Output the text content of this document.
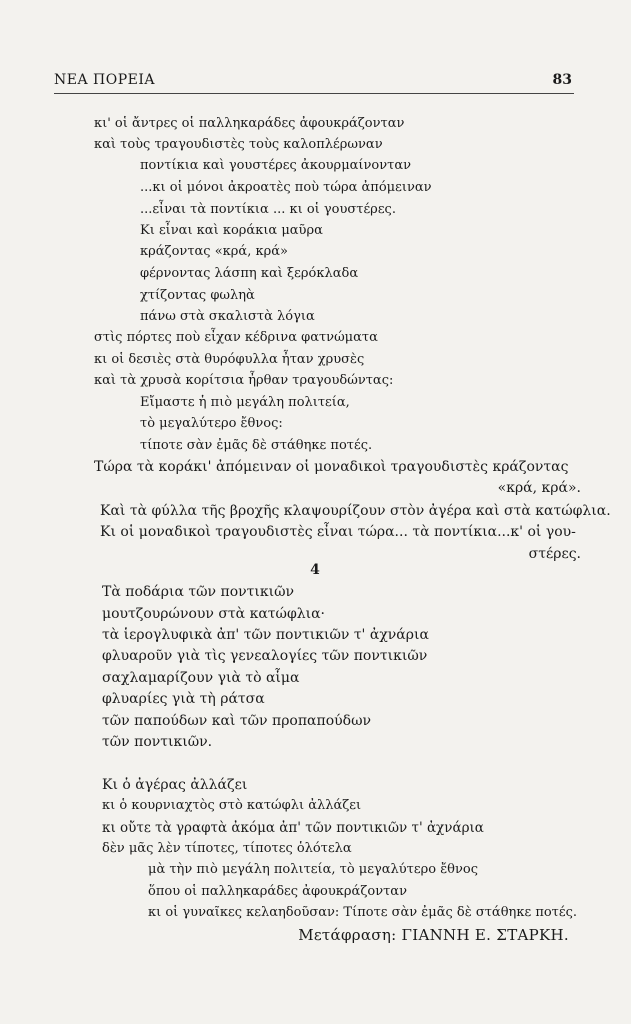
ΝΕΑ ΠΟΡΕΙΑ	83
κι' οἱ ἄντρες οἱ παλληκαράδες ἀφουκράζονταν
καὶ τοὺς τραγουδιστὲς τοὺς καλοπλέρωναν
ποντίκια καὶ γουστέρες ἀκουρμαίνονταν
...κι οἱ μόνοι ἀκροατὲς ποὺ τώρα ἀπόμειναν
...εἶναι τὰ ποντίκια ... κι οἱ γουστέρες.
Κι εἶναι καὶ κοράκια μαῦρα
κράζοντας «κρά, κρά»
φέρνοντας λάσπη καὶ ξερόκλαδα
χτίζοντας φωληὰ
πάνω στὰ σκαλιστὰ λόγια
στὶς πόρτες ποὺ εἶχαν κέδρινα φατνώματα
κι οἱ δεσιὲς στὰ θυρόφυλλα ἦταν χρυσὲς
καὶ τὰ χρυσὰ κορίτσια ἦρθαν τραγουδώντας:
Εἴμαστε ἡ πιὸ μεγάλη πολιτεία,
τὸ μεγαλύτερο ἔθνος:
τίποτε σὰν ἐμᾶς δὲ στάθηκε ποτές.
Τώρα τὰ κοράκι' ἀπόμειναν οἱ μοναδικοὶ τραγουδιστὲς κράζοντας
«κρά, κρά».
Καὶ τὰ φύλλα τῆς βροχῆς κλαψουρίζουν στὸν ἀγέρα καὶ στὰ κατώφλια.
Κι οἱ μοναδικοὶ τραγουδιστὲς εἶναι τώρα... τὰ ποντίκια...κ' οἱ γου-
στέρες.
4
Τὰ ποδάρια τῶν ποντικιῶν
μουτζουρώνουν στὰ κατώφλια·
τὰ ἱερογλυφικὰ ἀπ' τῶν ποντικιῶν τ' ἀχνάρια
φλυαροῦν γιὰ τὶς γενεαλογίες τῶν ποντικιῶν
σαχλαμαρίζουν γιὰ τὸ αἷμα
φλυαρίες γιὰ τὴ ράτσα
τῶν παπούδων καὶ τῶν προπαπούδων
τῶν ποντικιῶν.
Κι ὁ ἀγέρας ἀλλάζει
κι ὁ κουρνιαχτὸς στὸ κατώφλι ἀλλάζει
κι οὔτε τὰ γραφτὰ ἀκόμα ἀπ' τῶν ποντικιῶν τ' ἀχνάρια
δὲν μᾶς λὲν τίποτες, τίποτες ὁλότελα
μὰ τὴν πιὸ μεγάλη πολιτεία, τὸ μεγαλύτερο ἔθνος
ὅπου οἱ παλληκαράδες ἀφουκράζονταν
κι οἱ γυναῖκες κελαηδοῦσαν: Τίποτε σὰν ἐμᾶς δὲ στάθηκε ποτές.
Μετάφραση: ΓΙΑΝΝΗ Ε. ΣΤΑΡΚΗ.
